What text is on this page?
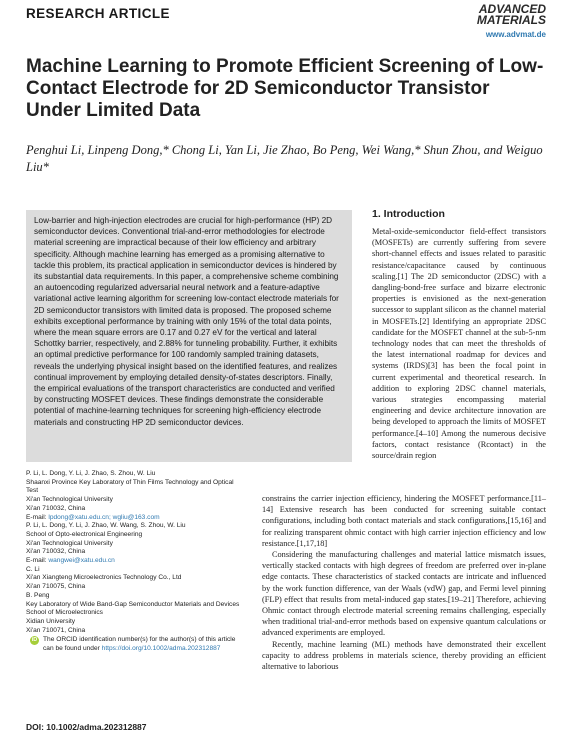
RESEARCH ARTICLE	ADVANCED
MATERIALS
www.advmat.de
Machine Learning to Promote Efficient Screening of Low-Contact Electrode for 2D Semiconductor Transistor Under Limited Data
Penghui Li, Linpeng Dong,* Chong Li, Yan Li, Jie Zhao, Bo Peng, Wei Wang,* Shun Zhou, and Weiguo Liu*
Low-barrier and high-injection electrodes are crucial for high-performance (HP) 2D semiconductor devices. Conventional trial-and-error methodologies for electrode material screening are impractical because of their low efficiency and arbitrary specificity. Although machine learning has emerged as a promising alternative to tackle this problem, its practical application in semiconductor devices is hindered by its substantial data requirements. In this paper, a comprehensive scheme combining an autoencoding regularized adversarial neural network and a feature-adaptive variational active learning algorithm for screening low-contact electrode materials for 2D semiconductor transistors with limited data is proposed. The proposed scheme exhibits exceptional performance by training with only 15% of the total data points, where the mean square errors are 0.17 and 0.27 eV for the vertical and lateral Schottky barrier, respectively, and 2.88% for tunneling probability. Further, it exhibits an optimal predictive performance for 100 randomly sampled training datasets, reveals the underlying physical insight based on the identified features, and realizes continual improvement by employing detailed density-of-states descriptors. Finally, the empirical evaluations of the transport characteristics are conducted and verified by constructing MOSFET devices. These findings demonstrate the considerable potential of machine-learning techniques for screening high-efficiency electrode materials and constructing HP 2D semiconductor devices.
P. Li, L. Dong, Y. Li, J. Zhao, S. Zhou, W. Liu
Shaanxi Province Key Laboratory of Thin Films Technology and Optical
Test
Xi'an Technological University
Xi'an 710032, China
E-mail: lpdong@xatu.edu.cn; wgliu@163.com
P. Li, L. Dong, Y. Li, J. Zhao, W. Wang, S. Zhou, W. Liu
School of Opto-electronical Engineering
Xi'an Technological University
Xi'an 710032, China
E-mail: wangwei@xatu.edu.cn
C. Li
Xi'an Xiangteng Microelectronics Technology Co., Ltd
Xi'an 710075, China
B. Peng
Key Laboratory of Wide Band-Gap Semiconductor Materials and Devices
School of Microelectronics
Xidian University
Xi'an 710071, China
iD The ORCID identification number(s) for the author(s) of this article
can be found under https://doi.org/10.1002/adma.202312887
DOI: 10.1002/adma.202312887
1. Introduction
Metal-oxide-semiconductor field-effect transistors (MOSFETs) are currently suffering from severe short-channel effects and issues related to parasitic resistance/capacitance caused by continuous scaling.[1] The 2D semiconductor (2DSC) with a dangling-bond-free surface and bizarre electronic properties is envisioned as the next-generation successor to supplant silicon as the channel material in MOSFETs.[2] Identifying an appropriate 2DSC candidate for the MOSFET channel at the sub-5-nm technology nodes that can meet the thresholds of the latest international roadmap for devices and systems (IRDS)[3] has been the focal point in current experimental and theoretical research. In addition to exploring 2DSC channel materials, various strategies encompassing material engineering and device architecture innovation are being developed to approach the limits of MOSFET performance.[4–10] Among the numerous decisive factors, contact resistance (Rcontact) in the source/drain region

constrains the carrier injection efficiency, hindering the MOSFET performance.[11–14] Extensive research has been conducted for screening suitable contact configurations, including both contact materials and stack configurations,[15,16] and for realizing transparent ohmic contact with high carrier injection efficiency and low resistance.[1,17,18]

Considering the manufacturing challenges and material lattice mismatch issues, vertically stacked contacts with high degrees of freedom are preferred over in-plane edge contacts. These characteristics of stacked contacts are intricate and influenced by the work function difference, van der Waals (vdW) gap, and Fermi level pinning (FLP) effect that results from metal-induced gap states.[19–21] Therefore, achieving Ohmic contact through electrode material screening remains challenging, especially when traditional trial-and-error methods based on expensive quantum calculations or advanced experiments are employed.

Recently, machine learning (ML) methods have demonstrated their excellent capacity to address problems in materials science, thereby providing an efficient alternative to laborious
